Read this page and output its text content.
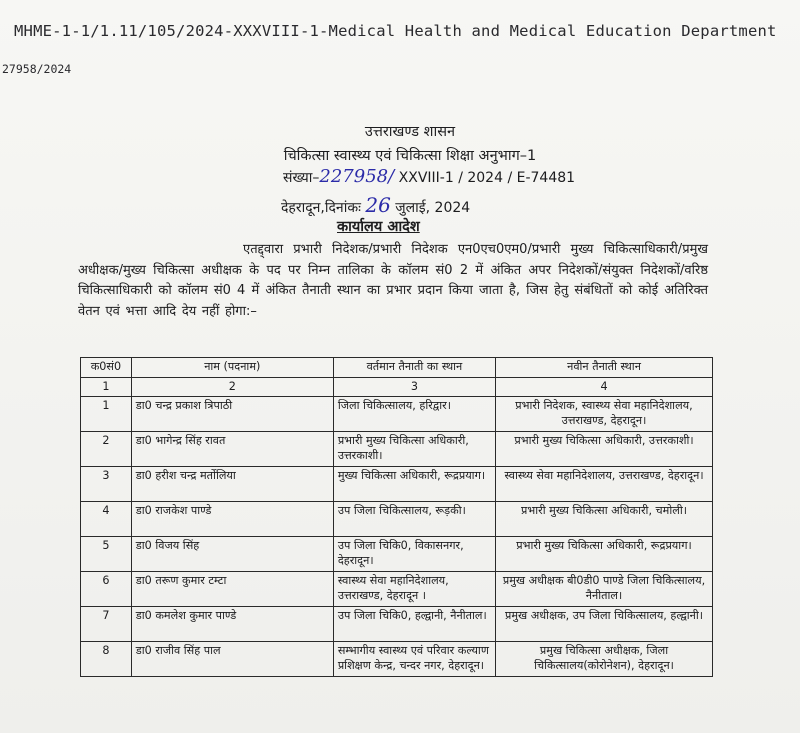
MHME-1-1/1.11/105/2024-XXXVIII-1-Medical Health and Medical Education Department
27958/2024
उत्तराखण्ड शासन
चिकित्सा स्वास्थ्य एवं चिकित्सा शिक्षा अनुभाग–1
संख्या–227958/ XXVIII-1 / 2024 / E-74481
देहरादून,दिनांकः 26 जुलाई, 2024
कार्यालय आदेश
एतद्द्वारा प्रभारी निदेशक/प्रभारी निदेशक एन0एच0एम0/प्रभारी मुख्य चिकित्साधिकारी/प्रमुख अधीक्षक/मुख्य चिकित्सा अधीक्षक के पद पर निम्न तालिका के कॉलम सं0 2 में अंकित अपर निदेशकों/संयुक्त निदेशकों/वरिष्ठ चिकित्साधिकारी को कॉलम सं0 4 में अंकित तैनाती स्थान का प्रभार प्रदान किया जाता है, जिस हेतु संबंधितों को कोई अतिरिक्त वेतन एवं भत्ता आदि देय नहीं होगा:–
क0सं0	नाम (पदनाम)	वर्तमान तैनाती का स्थान	नवीन तैनाती स्थान
1	2	3	4
1	डा0 चन्द्र प्रकाश त्रिपाठी	जिला चिकित्सालय, हरिद्वार।	प्रभारी निदेशक, स्वास्थ्य सेवा महानिदेशालय, उत्तराखण्ड, देहरादून।
2	डा0 भागेन्द्र सिंह रावत	प्रभारी मुख्य चिकित्सा अधिकारी, उत्तरकाशी।	प्रभारी मुख्य चिकित्सा अधिकारी, उत्तरकाशी।
3	डा0 हरीश चन्द्र मर्तोलिया	मुख्य चिकित्सा अधिकारी, रूद्रप्रयाग।	स्वास्थ्य सेवा महानिदेशालय, उत्तराखण्ड, देहरादून।
4	डा0 राजकेश पाण्डे	उप जिला चिकित्सालय, रूड़की।	प्रभारी मुख्य चिकित्सा अधिकारी, चमोली।
5	डा0 विजय सिंह	उप जिला चिकि0, विकासनगर, देहरादून।	प्रभारी मुख्य चिकित्सा अधिकारी, रूद्रप्रयाग।
6	डा0 तरूण कुमार टम्टा	स्वास्थ्य सेवा महानिदेशालय, उत्तराखण्ड, देहरादून ।	प्रमुख अधीक्षक बी0डी0 पाण्डे जिला चिकित्सालय, नैनीताल।
7	डा0 कमलेश कुमार पाण्डे	उप जिला चिकि0, हल्द्वानी, नैनीताल।	प्रमुख अधीक्षक, उप जिला चिकित्सालय, हल्द्वानी।
8	डा0 राजीव सिंह पाल	सम्भागीय स्वास्थ्य एवं परिवार कल्याण प्रशिक्षण केन्द्र, चन्दर नगर, देहरादून।	प्रमुख चिकित्सा अधीक्षक, जिला चिकित्सालय(कोरोनेशन), देहरादून।
